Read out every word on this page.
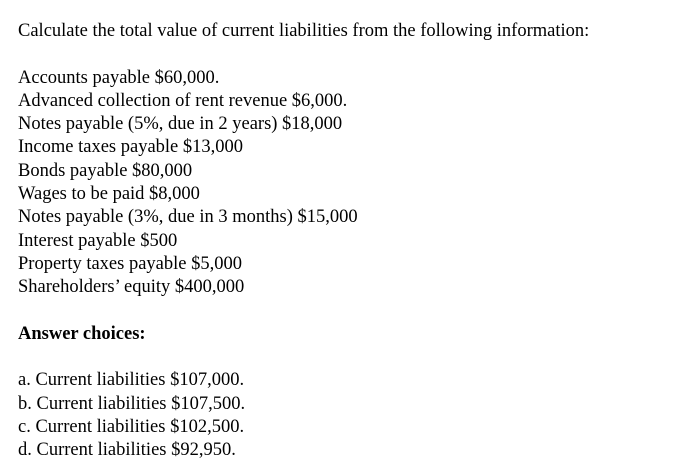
Calculate the total value of current liabilities from the following information:
Accounts payable $60,000.
Advanced collection of rent revenue $6,000.
Notes payable (5%, due in 2 years) $18,000
Income taxes payable $13,000
Bonds payable $80,000
Wages to be paid $8,000
Notes payable (3%, due in 3 months) $15,000
Interest payable $500
Property taxes payable $5,000
Shareholders’ equity $400,000
Answer choices:
a. Current liabilities $107,000.
b. Current liabilities $107,500.
c. Current liabilities $102,500.
d. Current liabilities $92,950.
